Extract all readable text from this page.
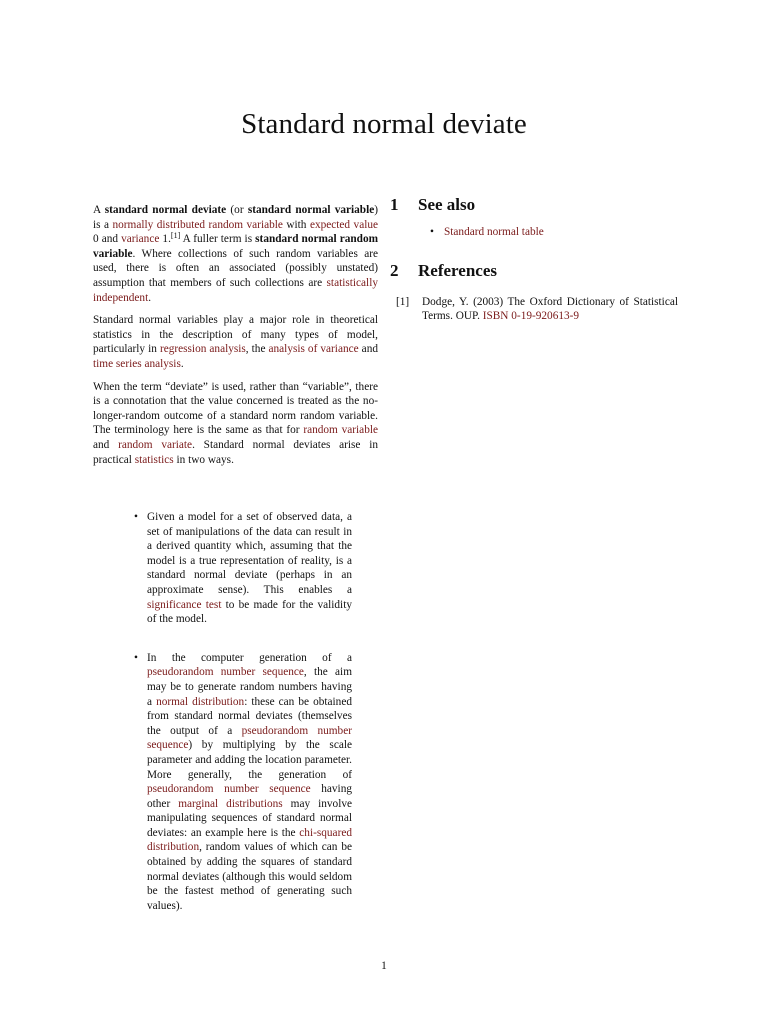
Standard normal deviate

A standard normal deviate (or standard normal variable) is a normally distributed random variable with expected value 0 and variance 1.[1] A fuller term is standard normal random variable. Where collections of such random variables are used, there is often an associated (possibly unstated) assumption that members of such collections are statistically independent.

Standard normal variables play a major role in theoretical statistics in the description of many types of model, particularly in regression analysis, the analysis of variance and time series analysis.

When the term “deviate” is used, rather than “variable”, there is a connotation that the value concerned is treated as the no-longer-random outcome of a standard norm random variable. The terminology here is the same as that for random variable and random variate. Standard normal deviates arise in practical statistics in two ways.

• Given a model for a set of observed data, a set of manipulations of the data can result in a derived quantity which, assuming that the model is a true representation of reality, is a standard normal deviate (perhaps in an approximate sense). This enables a significance test to be made for the validity of the model.
• In the computer generation of a pseudorandom number sequence, the aim may be to generate random numbers having a normal distribution: these can be obtained from standard normal deviates (themselves the output of a pseudorandom number sequence) by multiplying by the scale parameter and adding the location parameter. More generally, the generation of pseudorandom number sequence having other marginal distributions may involve manipulating sequences of standard normal deviates: an example here is the chi-squared distribution, random values of which can be obtained by adding the squares of standard normal deviates (although this would seldom be the fastest method of generating such values).
1	See also
• Standard normal table
2	References
[1]	Dodge, Y. (2003) The Oxford Dictionary of Statistical Terms. OUP. ISBN 0-19-920613-9
1
